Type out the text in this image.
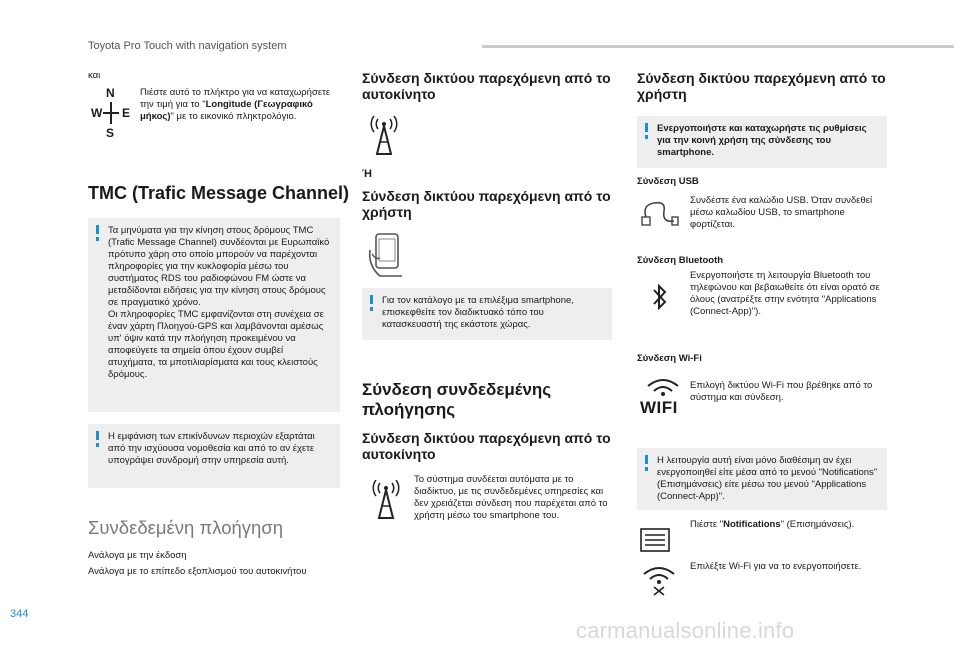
Toyota Pro Touch with navigation system
και
N
W E
S
Πιέστε αυτό το πλήκτρο για να καταχωρήσετε την τιμή για το "Longitude (Γεωγραφικό μήκος)" με το εικονικό πληκτρολόγιο.
TMC (Trafic Message Channel)
Τα μηνύματα για την κίνηση στους δρόμους TMC (Trafic Message Channel) συνδέονται με Ευρωπαϊκό πρότυπο χάρη στο οποίο μπορούν να παρέχονται πληροφορίες για την κυκλοφορία μέσω του συστήματος RDS του ραδιοφώνου FM ώστε να μεταδίδονται ειδήσεις για την κίνηση στους δρόμους σε πραγματικό χρόνο.
Οι πληροφορίες TMC εμφανίζονται στη συνέχεια σε έναν χάρτη Πλοηγού-GPS και λαμβάνονται αμέσως υπ' όψιν κατά την πλοήγηση προκειμένου να αποφεύγετε τα σημεία όπου έχουν συμβεί ατυχήματα, τα μποτιλιαρίσματα και τους κλειστούς δρόμους.
Η εμφάνιση των επικίνδυνων περιοχών εξαρτάται από την ισχύουσα νομοθεσία και από το αν έχετε υπογράψει συνδρομή στην υπηρεσία αυτή.
Συνδεδεμένη πλοήγηση
Ανάλογα με την έκδοση
Ανάλογα με το επίπεδο εξοπλισμού του αυτοκινήτου
Σύνδεση δικτύου παρεχόμενη από το αυτοκίνητο
Ή
Σύνδεση δικτύου παρεχόμενη από το χρήστη
Για τον κατάλογο με τα επιλέξιμα smartphone, επισκεφθείτε τον διαδικτυακό τόπο του κατασκευαστή της εκάστοτε χώρας.
Σύνδεση συνδεδεμένης πλοήγησης
Σύνδεση δικτύου παρεχόμενη από το αυτοκίνητο
Το σύστημα συνδέεται αυτόματα με το διαδίκτυο, με τις συνδεδεμένες υπηρεσίες και δεν χρειάζεται σύνδεση που παρέχεται από το χρήστη μέσω του smartphone του.
Σύνδεση δικτύου παρεχόμενη από το χρήστη
Ενεργοποιήστε και καταχωρήστε τις ρυθμίσεις για την κοινή χρήση της σύνδεσης του smartphone.
Σύνδεση USB
Συνδέστε ένα καλώδιο USB. Όταν συνδεθεί μέσω καλωδίου USB, το smartphone φορτίζεται.
Σύνδεση Bluetooth
Ενεργοποιήστε τη λειτουργία Bluetooth του τηλεφώνου και βεβαιωθείτε ότι είναι ορατό σε όλους (ανατρέξτε στην ενότητα "Applications (Connect-App)").
Σύνδεση Wi-Fi
WIFI
Επιλογή δικτύου Wi-Fi που βρέθηκε από το σύστημα και σύνδεση.
Η λειτουργία αυτή είναι μόνο διαθέσιμη αν έχει ενεργοποιηθεί είτε μέσα από το μενού "Notifications" (Επισημάνσεις) είτε μέσω του μενού "Applications (Connect-App)".
Πιέστε "Notifications" (Επισημάνσεις).
Επιλέξτε Wi-Fi για να το ενεργοποιήσετε.
344
carmanualsonline.info
